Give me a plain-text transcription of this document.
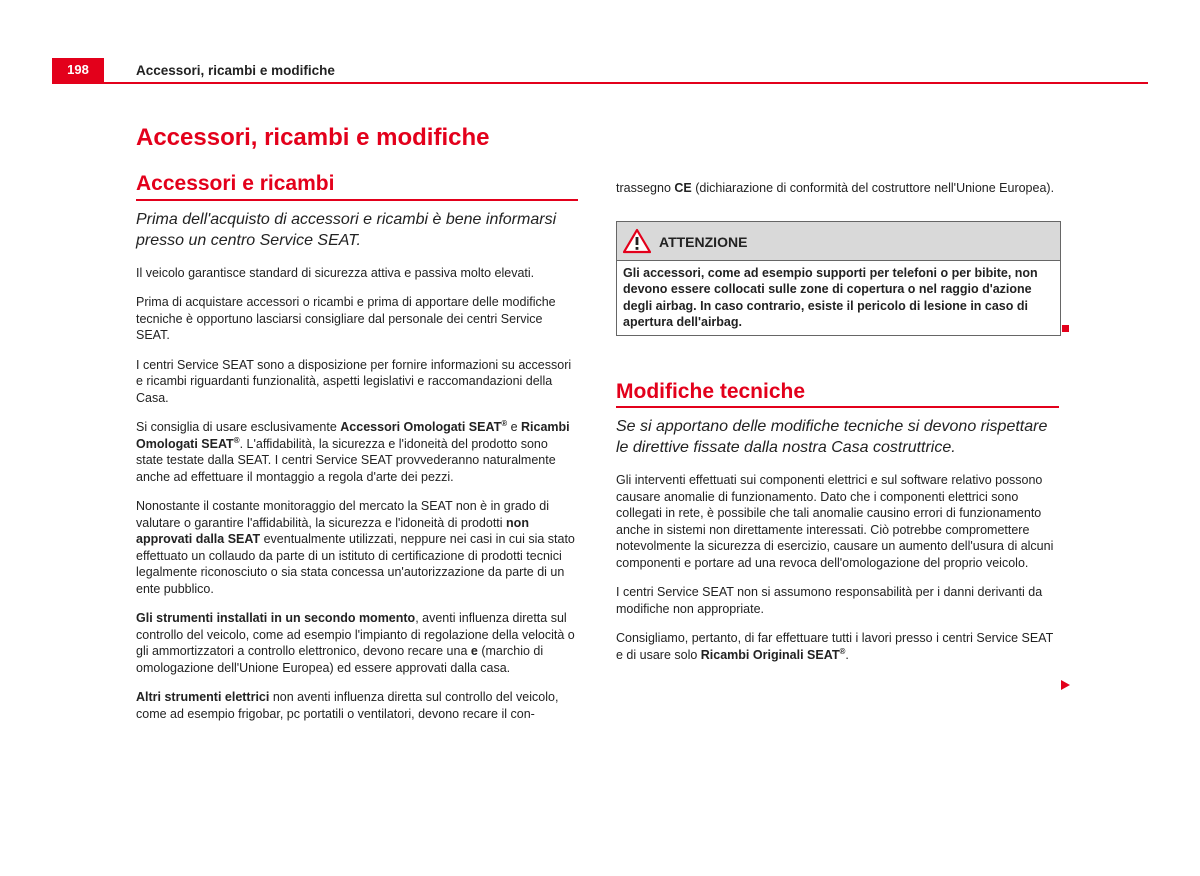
198	Accessori, ricambi e modifiche
Accessori, ricambi e modifiche
Accessori e ricambi

Prima dell'acquisto di accessori e ricambi è bene informarsi presso un centro Service SEAT.

Il veicolo garantisce standard di sicurezza attiva e passiva molto elevati.

Prima di acquistare accessori o ricambi e prima di apportare delle modifiche tecniche è opportuno lasciarsi consigliare dal personale dei centri Service SEAT.

I centri Service SEAT sono a disposizione per fornire informazioni su accessori e ricambi riguardanti funzionalità, aspetti legislativi e raccomandazioni della Casa.

Si consiglia di usare esclusivamente Accessori Omologati SEAT® e Ricambi Omologati SEAT®. L'affidabilità, la sicurezza e l'idoneità del prodotto sono state testate dalla SEAT. I centri Service SEAT provvederanno naturalmente anche ad effettuare il montaggio a regola d'arte dei pezzi.

Nonostante il costante monitoraggio del mercato la SEAT non è in grado di valutare o garantire l'affidabilità, la sicurezza e l'idoneità di prodotti non approvati dalla SEAT eventualmente utilizzati, neppure nei casi in cui sia stato effettuato un collaudo da parte di un istituto di certificazione di prodotti tecnici legalmente riconosciuto o sia stata concessa un'autorizzazione da parte di un ente pubblico.

Gli strumenti installati in un secondo momento, aventi influenza diretta sul controllo del veicolo, come ad esempio l'impianto di regolazione della velocità o gli ammortizzatori a controllo elettronico, devono recare una e (marchio di omologazione dell'Unione Europea) ed essere approvati dalla casa.

Altri strumenti elettrici non aventi influenza diretta sul controllo del veicolo, come ad esempio frigobar, pc portatili o ventilatori, devono recare il con-

trassegno CE (dichiarazione di conformità del costruttore nell'Unione Europea).

ATTENZIONE
Gli accessori, come ad esempio supporti per telefoni o per bibite, non devono essere collocati sulle zone di copertura o nel raggio d'azione degli airbag. In caso contrario, esiste il pericolo di lesione in caso di apertura dell'airbag.
Modifiche tecniche

Se si apportano delle modifiche tecniche si devono rispettare le direttive fissate dalla nostra Casa costruttrice.

Gli interventi effettuati sui componenti elettrici e sul software relativo possono causare anomalie di funzionamento. Dato che i componenti elettrici sono collegati in rete, è possibile che tali anomalie causino errori di funzionamento anche in sistemi non direttamente interessati. Ciò potrebbe compromettere notevolmente la sicurezza di esercizio, causare un aumento dell'usura di alcuni componenti e portare ad una revoca dell'omologazione del proprio veicolo.

I centri Service SEAT non si assumono responsabilità per i danni derivanti da modifiche non appropriate.

Consigliamo, pertanto, di far effettuare tutti i lavori presso i centri Service SEAT e di usare solo Ricambi Originali SEAT®.
